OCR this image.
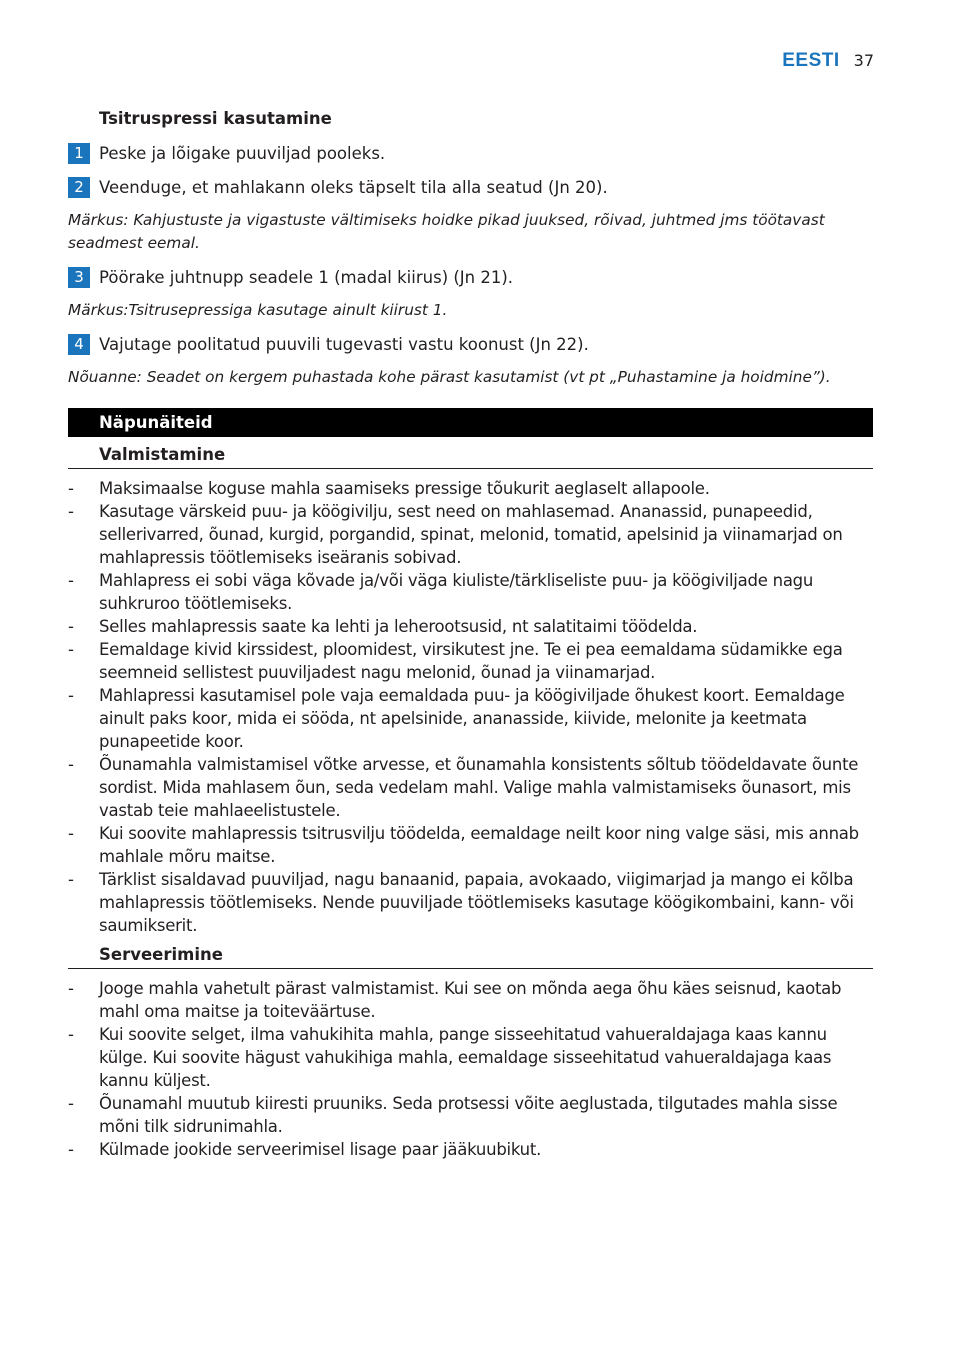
EESTI 37
Tsitruspressi kasutamine
1 Peske ja lõigake puuviljad pooleks.
2 Veenduge, et mahlakann oleks täpselt tila alla seatud (Jn 20).
Märkus: Kahjustuste ja vigastuste vältimiseks hoidke pikad juuksed, rõivad, juhtmed jms töötavast seadmest eemal.
3 Pöörake juhtnupp seadele 1 (madal kiirus) (Jn 21).
Märkus:Tsitrusepressiga kasutage ainult kiirust 1.
4 Vajutage poolitatud puuvili tugevasti vastu koonust (Jn 22).
Nõuanne: Seadet on kergem puhastada kohe pärast kasutamist (vt pt „Puhastamine ja hoidmine”).
Näpunäiteid
Valmistamine
- Maksimaalse koguse mahla saamiseks pressige tõukurit aeglaselt allapoole.
- Kasutage värskeid puu- ja köögivilju, sest need on mahlasemad. Ananassid, punapeedid, sellerivarred, õunad, kurgid, porgandid, spinat, melonid, tomatid, apelsinid ja viinamarjad on mahlapressis töötlemiseks iseäranis sobivad.
- Mahlapress ei sobi väga kõvade ja/või väga kiuliste/tärkliseliste puu- ja köögiviljade nagu suhkruroo töötlemiseks.
- Selles mahlapressis saate ka lehti ja leherootsusid, nt salatitaimi töödelda.
- Eemaldage kivid kirssidest, ploomidest, virsikutest jne. Te ei pea eemaldama südamikke ega seemneid sellistest puuviljadest nagu melonid, õunad ja viinamarjad.
- Mahlapressi kasutamisel pole vaja eemaldada puu- ja köögiviljade õhukest koort. Eemaldage ainult paks koor, mida ei sööda, nt apelsinide, ananasside, kiivide, melonite ja keetmata punapeetide koor.
- Õunamahla valmistamisel võtke arvesse, et õunamahla konsistents sõltub töödeldavate õunte sordist. Mida mahlasem õun, seda vedelam mahl. Valige mahla valmistamiseks õunasort, mis vastab teie mahlaeelistustele.
- Kui soovite mahlapressis tsitrusvilju töödelda, eemaldage neilt koor ning valge säsi, mis annab mahlale mõru maitse.
- Tärklist sisaldavad puuviljad, nagu banaanid, papaia, avokaado, viigimarjad ja mango ei kõlba mahlapressis töötlemiseks. Nende puuviljade töötlemiseks kasutage köögikombaini, kann- või saumikserit.
Serveerimine
- Jooge mahla vahetult pärast valmistamist. Kui see on mõnda aega õhu käes seisnud, kaotab mahl oma maitse ja toiteväärtuse.
- Kui soovite selget, ilma vahukihita mahla, pange sisseehitatud vahueraldajaga kaas kannu külge. Kui soovite hägust vahukihiga mahla, eemaldage sisseehitatud vahueraldajaga kaas kannu küljest.
- Õunamahl muutub kiiresti pruuniks. Seda protsessi võite aeglustada, tilgutades mahla sisse mõni tilk sidrunimahla.
- Külmade jookide serveerimisel lisage paar jääkuubikut.
